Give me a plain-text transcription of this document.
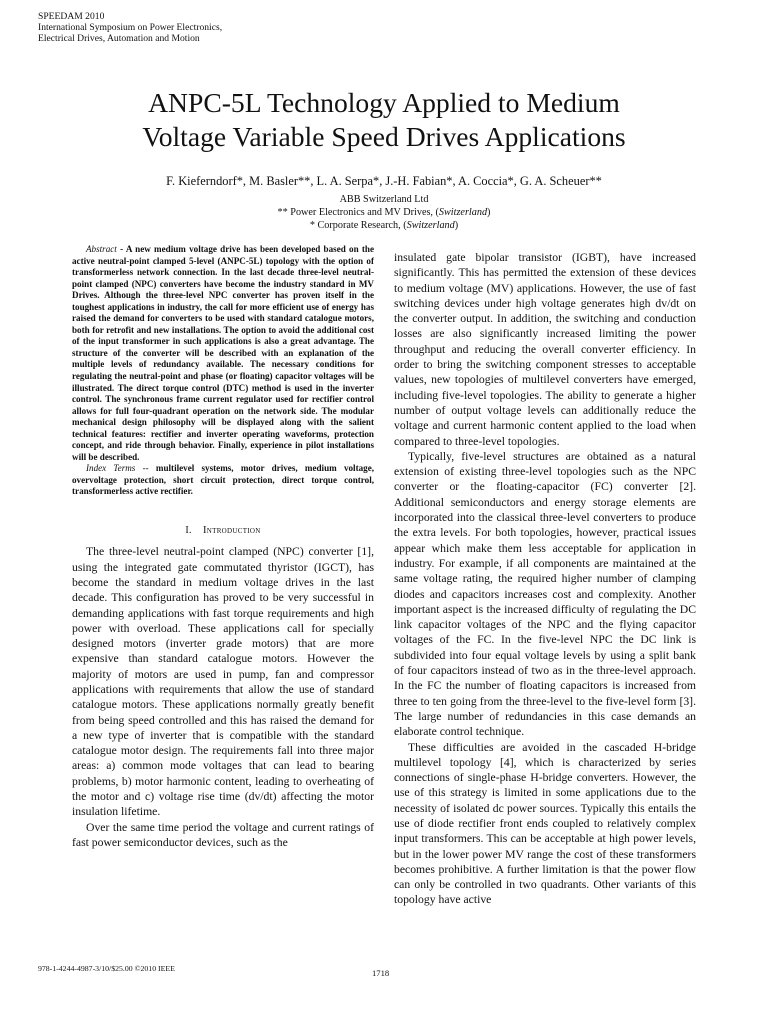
SPEEDAM 2010
International Symposium on Power Electronics,
Electrical Drives, Automation and Motion
ANPC-5L Technology Applied to Medium
Voltage Variable Speed Drives Applications
F. Kieferndorf*, M. Basler**, L. A. Serpa*, J.-H. Fabian*, A. Coccia*, G. A. Scheuer**
ABB Switzerland Ltd
** Power Electronics and MV Drives, (Switzerland)
* Corporate Research, (Switzerland)

Abstract - A new medium voltage drive has been developed based on the active neutral-point clamped 5-level (ANPC-5L) topology with the option of transformerless network connection. In the last decade three-level neutral-point clamped (NPC) converters have become the industry standard in MV Drives. Although the three-level NPC converter has proven itself in the toughest applications in industry, the call for more efficient use of energy has raised the demand for converters to be used with standard catalogue motors, both for retrofit and new installations. The option to avoid the additional cost of the input transformer in such applications is also a great advantage. The structure of the converter will be described with an explanation of the multiple levels of redundancy available. The necessary conditions for regulating the neutral-point and phase (or floating) capacitor voltages will be illustrated. The direct torque control (DTC) method is used in the inverter control. The synchronous frame current regulator used for rectifier control allows for full four-quadrant operation on the network side. The modular mechanical design philosophy will be displayed along with the salient technical features: rectifier and inverter operating waveforms, protection concept, and ride through behavior. Finally, experience in pilot installations will be described.

Index Terms -- multilevel systems, motor drives, medium voltage, overvoltage protection, short circuit protection, direct torque control, transformerless active rectifier.

I. Introduction

The three-level neutral-point clamped (NPC) converter [1], using the integrated gate commutated thyristor (IGCT), has become the standard in medium voltage drives in the last decade. This configuration has proved to be very successful in demanding applications with fast torque requirements and high power with overload. These applications call for specially designed motors (inverter grade motors) that are more expensive than standard catalogue motors. However the majority of motors are used in pump, fan and compressor applications with requirements that allow the use of standard catalogue motors. These applications normally greatly benefit from being speed controlled and this has raised the demand for a new type of inverter that is compatible with the standard catalogue motor design. The requirements fall into three major areas: a) common mode voltages that can lead to bearing problems, b) motor harmonic content, leading to overheating of the motor and c) voltage rise time (dv/dt) affecting the motor insulation lifetime.

Over the same time period the voltage and current ratings of fast power semiconductor devices, such as the

insulated gate bipolar transistor (IGBT), have increased significantly. This has permitted the extension of these devices to medium voltage (MV) applications. However, the use of fast switching devices under high voltage generates high dv/dt on the converter output. In addition, the switching and conduction losses are also significantly increased limiting the power throughput and reducing the overall converter efficiency. In order to bring the switching component stresses to acceptable values, new topologies of multilevel converters have emerged, including five-level topologies. The ability to generate a higher number of output voltage levels can additionally reduce the voltage and current harmonic content applied to the load when compared to three-level topologies.

Typically, five-level structures are obtained as a natural extension of existing three-level topologies such as the NPC converter or the floating-capacitor (FC) converter [2]. Additional semiconductors and energy storage elements are incorporated into the classical three-level converters to produce the extra levels. For both topologies, however, practical issues appear which make them less acceptable for application in industry. For example, if all components are maintained at the same voltage rating, the required higher number of clamping diodes and capacitors increases cost and complexity. Another important aspect is the increased difficulty of regulating the DC link capacitor voltages of the NPC and the flying capacitor voltages of the FC. In the five-level NPC the DC link is subdivided into four equal voltage levels by using a split bank of four capacitors instead of two as in the three-level approach. In the FC the number of floating capacitors is increased from three to ten going from the three-level to the five-level form [3]. The large number of redundancies in this case demands an elaborate control technique.

These difficulties are avoided in the cascaded H-bridge multilevel topology [4], which is characterized by series connections of single-phase H-bridge converters. However, the use of this strategy is limited in some applications due to the necessity of isolated dc power sources. Typically this entails the use of diode rectifier front ends coupled to relatively complex input transformers. This can be acceptable at high power levels, but in the lower power MV range the cost of these transformers becomes prohibitive. A further limitation is that the power flow can only be controlled in two quadrants. Other variants of this topology have active

978-1-4244-4987-3/10/$25.00 ©2010 IEEE	1718
